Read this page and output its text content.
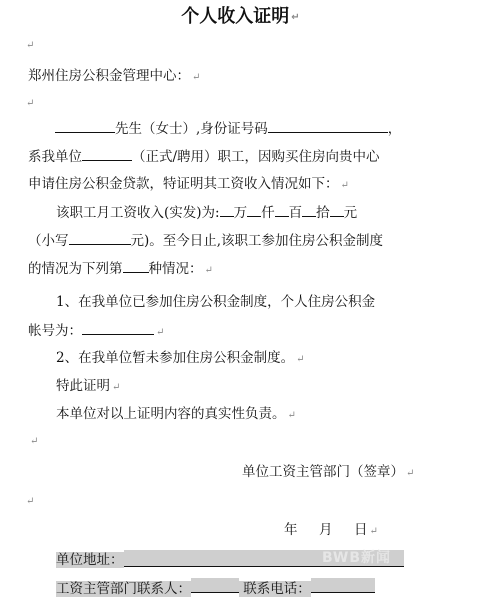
个人收入证明 ↵
↵
郑州住房公积金管理中心： ↵
↵
先生（女士）,身份证号码	，
系我单位	（正式/聘用）职工，因购买住房向贵中心
申请住房公积金贷款，特证明其工资收入情况如下： ↵
该职工月工资收入(实发)为: 万 仟 百 拾 元
（小写	元)。至今日止,该职工参加住房公积金制度
的情况为下列第 种情况： ↵
1、在我单位已参加住房公积金制度，个人住房公积金
帐号为：	↵
2、在我单位暂未参加住房公积金制度。 ↵
特此证明 ↵
本单位对以上证明内容的真实性负责。 ↵
↵
单位工资主管部门（签章） ↵
↵
年 月 日 ↵
单位地址：
工资主管部门联系人：	联系电话：
BWB新闻
